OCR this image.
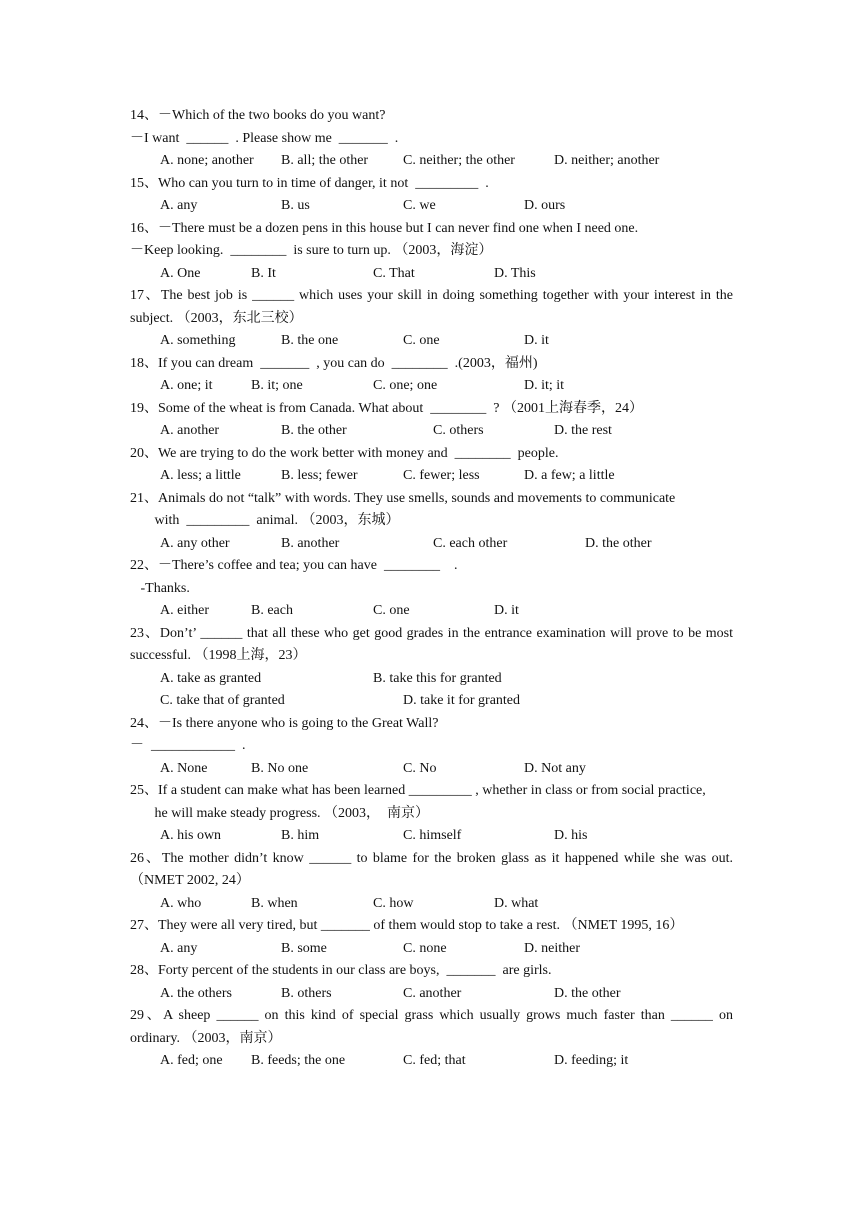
14、－Which of the two books do you want?
－I want  ______  . Please show me  _______  .
A. none; another B. all; the other C. neither; the other	D. neither; another
15、Who can you turn to in time of danger, it not  _________  .
A. any	B. us	C. we	D. ours
16、－There must be a dozen pens in this house but I can never find one when I need one.
－Keep looking.  ________  is sure to turn up. （2003，海淀）
A. One	B. It	C. That	D. This
17、The best job is ______ which uses your skill in doing something together with your interest in the subject. （2003，东北三校）
A. something	B. the one	C. one	D. it
18、If you can dream  _______  , you can do  ________  .(2003，福州)
A. one; it	B. it; one	C. one; one	D. it; it
19、Some of the wheat is from Canada. What about  ________  ? （2001上海春季，24）
A. another	B. the other	C. others	D. the rest
20、We are trying to do the work better with money and  ________  people.
A. less; a little	B. less; fewer	C. fewer; less	D. a few; a little
21、Animals do not “talk” with words. They use smells, sounds and movements to communicate
with  _________  animal. （2003，东城）
A. any other	B. another	C. each other	D. the other
22、－There’s coffee and tea; you can have  ________    .
-Thanks.
A. either	B. each	C. one	D. it
23、Don’t’ ______ that all these who get good grades in the entrance examination will prove to be most successful. （1998上海，23）
A. take as granted	B. take this for granted
C. take that of granted	D. take it for granted
24、－Is there anyone who is going to the Great Wall?
－  ____________  .
A. None	B. No one	C. No	D. Not any
25、If a student can make what has been learned _________ , whether in class or from social practice,
he will make steady progress. （2003，  南京）
A. his own	B. him	C. himself	D. his
26、The mother didn’t know ______ to blame for the broken glass as it happened while she was out.（NMET 2002, 24）
A. who	B. when	C. how	D. what
27、They were all very tired, but _______ of them would stop to take a rest. （NMET 1995, 16）
A. any	B. some	C. none	D. neither
28、Forty percent of the students in our class are boys,  _______  are girls.
A. the others	B. others	C. another	D. the other
29、A sheep ______ on this kind of special grass which usually grows much faster than ______ on ordinary. （2003，南京）
A. fed; one B. feeds; the one	C. fed; that	D. feeding; it
